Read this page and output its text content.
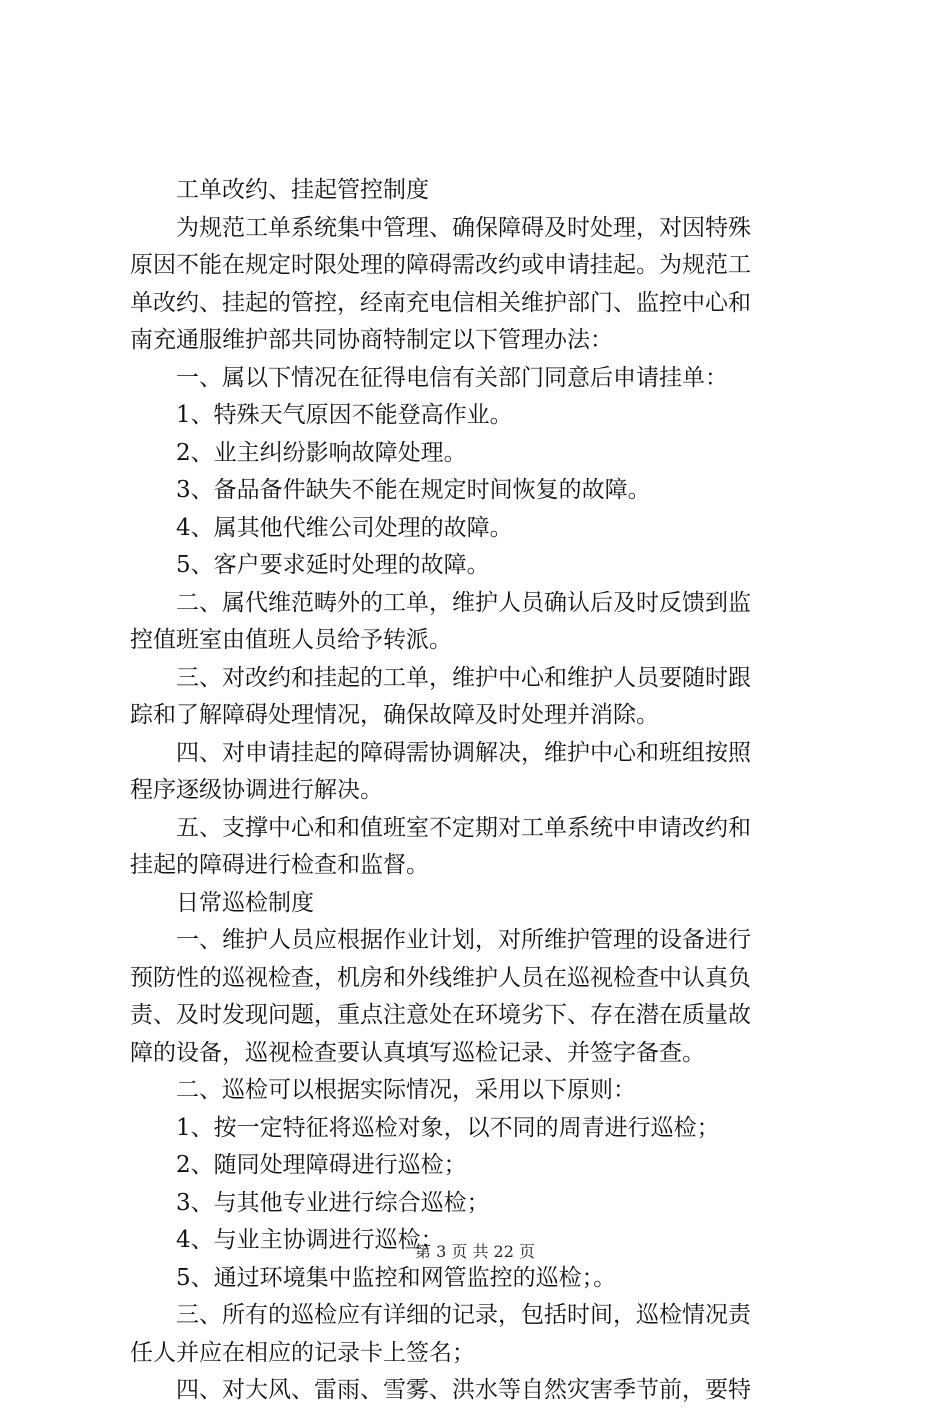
工单改约、挂起管控制度
为规范工单系统集中管理、确保障碍及时处理，对因特殊
原因不能在规定时限处理的障碍需改约或申请挂起。为规范工
单改约、挂起的管控，经南充电信相关维护部门、监控中心和
南充通服维护部共同协商特制定以下管理办法：
一、属以下情况在征得电信有关部门同意后申请挂单：
1、特殊天气原因不能登高作业。
2、业主纠纷影响故障处理。
3、备品备件缺失不能在规定时间恢复的故障。
4、属其他代维公司处理的故障。
5、客户要求延时处理的故障。
二、属代维范畴外的工单，维护人员确认后及时反馈到监
控值班室由值班人员给予转派。
三、对改约和挂起的工单，维护中心和维护人员要随时跟
踪和了解障碍处理情况，确保故障及时处理并消除。
四、对申请挂起的障碍需协调解决，维护中心和班组按照
程序逐级协调进行解决。
五、支撑中心和和值班室不定期对工单系统中申请改约和
挂起的障碍进行检查和监督。
日常巡检制度
一、维护人员应根据作业计划，对所维护管理的设备进行
预防性的巡视检查，机房和外线维护人员在巡视检查中认真负
责、及时发现问题，重点注意处在环境劣下、存在潜在质量故
障的设备，巡视检查要认真填写巡检记录、并签字备查。
二、巡检可以根据实际情况，采用以下原则：
1、按一定特征将巡检对象，以不同的周青进行巡检；
2、随同处理障碍进行巡检；
3、与其他专业进行综合巡检；
4、与业主协调进行巡检；
5、通过环境集中监控和网管监控的巡检；。
三、所有的巡检应有详细的记录，包括时间，巡检情况责
任人并应在相应的记录卡上签名；
四、对大风、雷雨、雪雾、洪水等自然灾害季节前，要特
第 3 页 共 22 页
